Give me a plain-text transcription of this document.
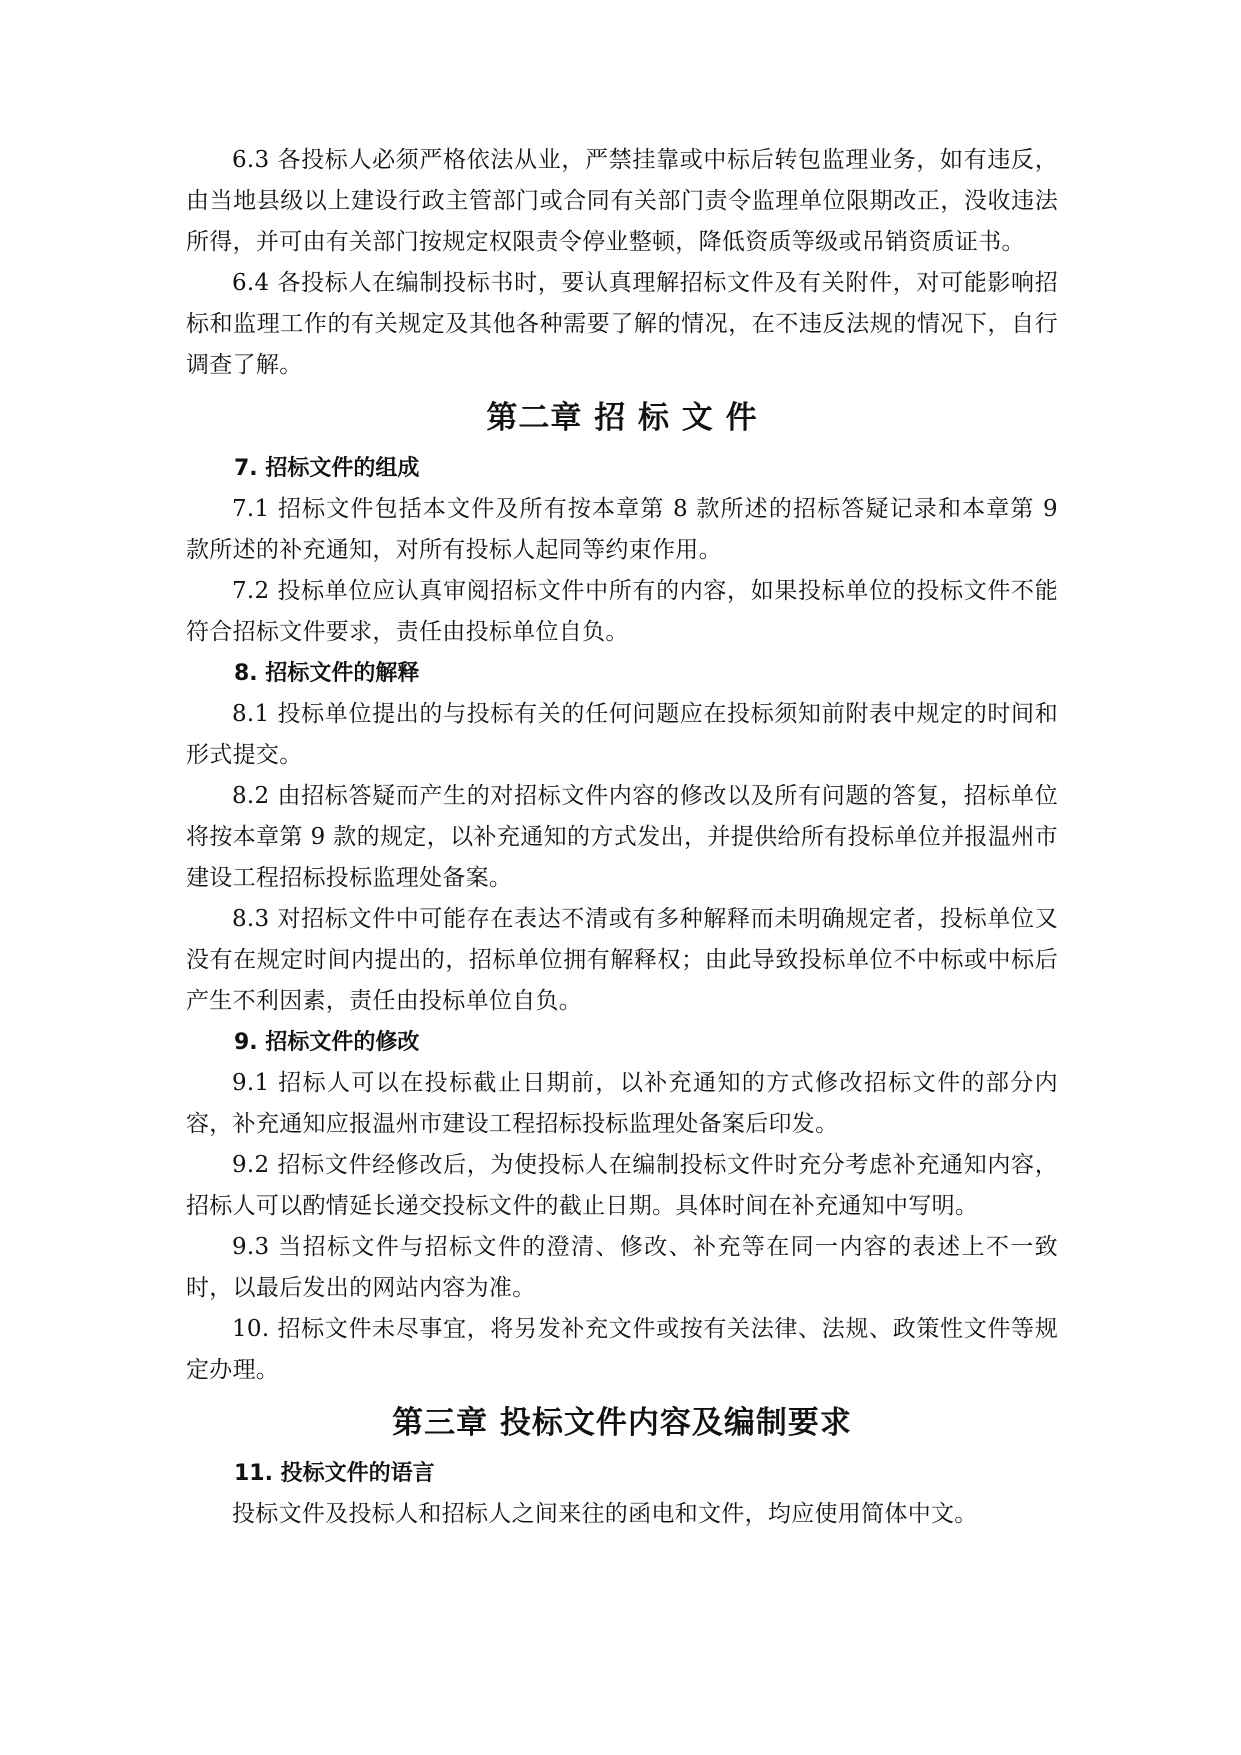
6.3 各投标人必须严格依法从业，严禁挂靠或中标后转包监理业务，如有违反，由当地县级以上建设行政主管部门或合同有关部门责令监理单位限期改正，没收违法所得，并可由有关部门按规定权限责令停业整顿，降低资质等级或吊销资质证书。

6.4 各投标人在编制投标书时，要认真理解招标文件及有关附件，对可能影响招标和监理工作的有关规定及其他各种需要了解的情况，在不违反法规的情况下，自行调查了解。

第二章 招 标 文 件
7. 招标文件的组成

7.1 招标文件包括本文件及所有按本章第 8 款所述的招标答疑记录和本章第 9 款所述的补充通知，对所有投标人起同等约束作用。

7.2 投标单位应认真审阅招标文件中所有的内容，如果投标单位的投标文件不能符合招标文件要求，责任由投标单位自负。

8. 招标文件的解释

8.1 投标单位提出的与投标有关的任何问题应在投标须知前附表中规定的时间和形式提交。

8.2 由招标答疑而产生的对招标文件内容的修改以及所有问题的答复，招标单位将按本章第 9 款的规定，以补充通知的方式发出，并提供给所有投标单位并报温州市建设工程招标投标监理处备案。

8.3 对招标文件中可能存在表达不清或有多种解释而未明确规定者，投标单位又没有在规定时间内提出的，招标单位拥有解释权；由此导致投标单位不中标或中标后产生不利因素，责任由投标单位自负。

9. 招标文件的修改

9.1 招标人可以在投标截止日期前，以补充通知的方式修改招标文件的部分内容，补充通知应报温州市建设工程招标投标监理处备案后印发。

9.2 招标文件经修改后，为使投标人在编制投标文件时充分考虑补充通知内容，招标人可以酌情延长递交投标文件的截止日期。具体时间在补充通知中写明。

9.3 当招标文件与招标文件的澄清、修改、补充等在同一内容的表述上不一致时，以最后发出的网站内容为准。

10. 招标文件未尽事宜，将另发补充文件或按有关法律、法规、政策性文件等规定办理。

第三章 投标文件内容及编制要求
11. 投标文件的语言

投标文件及投标人和招标人之间来往的函电和文件，均应使用简体中文。
